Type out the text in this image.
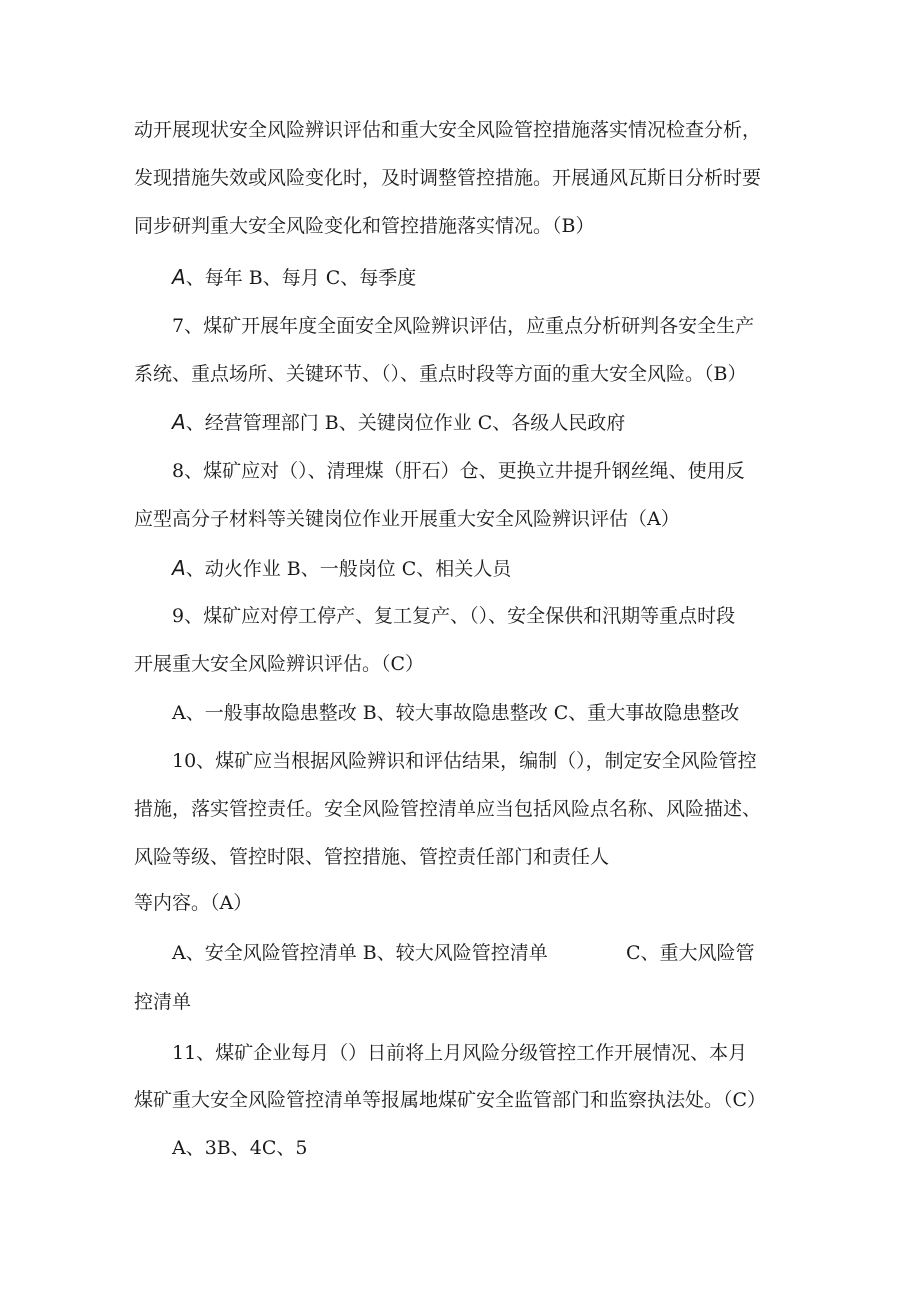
动开展现状安全风险辨识评估和重大安全风险管控措施落实情况检查分析，
发现措施失效或风险变化时，及时调整管控措施。开展通风瓦斯日分析时要
同步研判重大安全风险变化和管控措施落实情况。（B）
A、每年 B、每月 C、每季度
7、煤矿开展年度全面安全风险辨识评估，应重点分析研判各安全生产
系统、重点场所、关键环节、（）、重点时段等方面的重大安全风险。（B）
A、经营管理部门 B、关键岗位作业 C、各级人民政府
8、煤矿应对（）、清理煤（肝石）仓、更换立井提升钢丝绳、使用反
应型高分子材料等关键岗位作业开展重大安全风险辨识评估（A）
A、动火作业 B、一般岗位 C、相关人员
9、煤矿应对停工停产、复工复产、（）、安全保供和汛期等重点时段
开展重大安全风险辨识评估。（C）
A、一般事故隐患整改 B、较大事故隐患整改 C、重大事故隐患整改
10、煤矿应当根据风险辨识和评估结果，编制（），制定安全风险管控
措施，落实管控责任。安全风险管控清单应当包括风险点名称、风险描述、
风险等级、管控时限、管控措施、管控责任部门和责任人
等内容。（A）
A、安全风险管控清单 B、较大风险管控清单	C、重大风险管
控清单
11、煤矿企业每月（）日前将上月风险分级管控工作开展情况、本月
煤矿重大安全风险管控清单等报属地煤矿安全监管部门和监察执法处。（C）
A、3B、4C、5
